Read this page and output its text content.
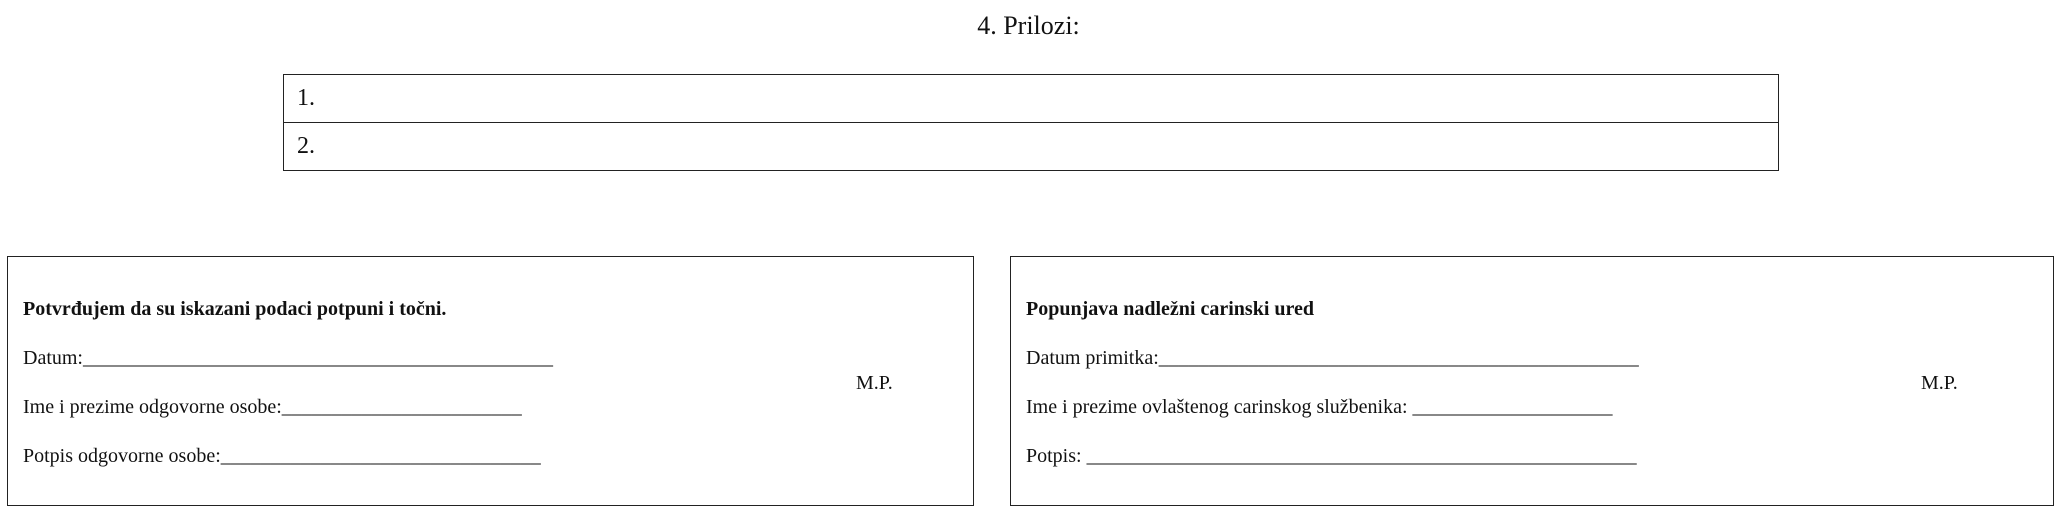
4. Prilozi:
1.
2.
Potvrđujem da su iskazani podaci potpuni i točni.
Datum:_______________________________________________
Ime i prezime odgovorne osobe:________________________
Potpis odgovorne osobe:________________________________
M.P.
Popunjava nadležni carinski ured
Datum primitka:________________________________________________
Ime i prezime ovlaštenog carinskog službenika: ____________________
Potpis: _______________________________________________________
M.P.
